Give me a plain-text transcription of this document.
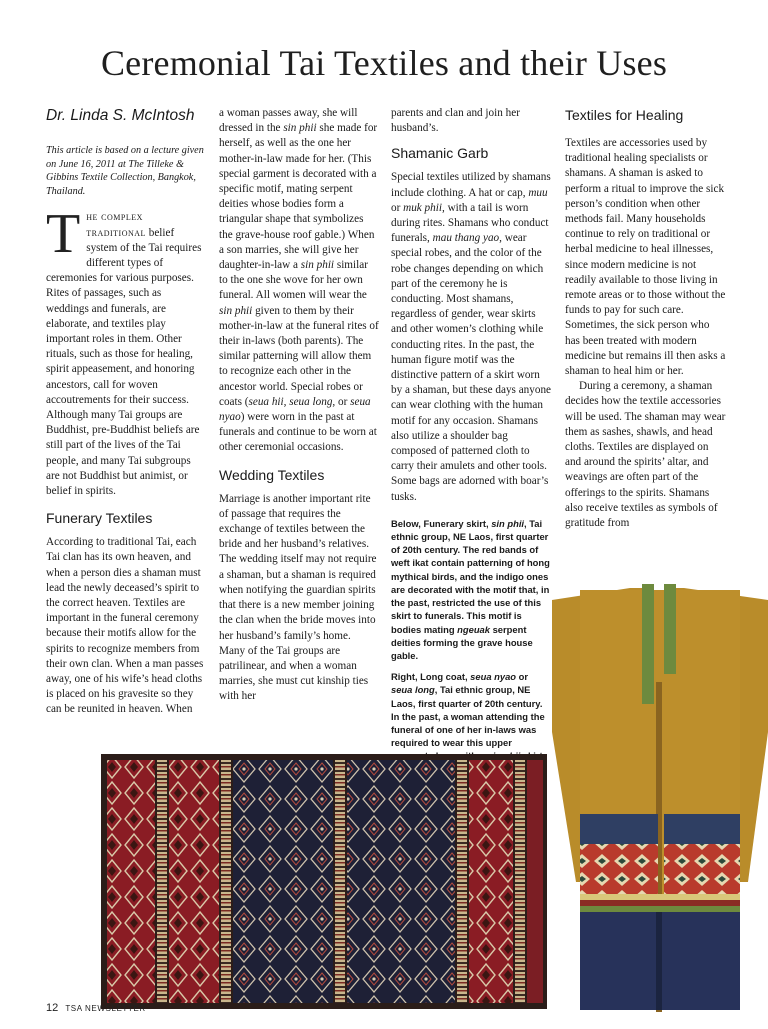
Ceremonial Tai Textiles and their Uses

Dr. Linda S. McIntosh

This article is based on a lecture given on June 16, 2011 at The Tilleke & Gibbins Textile Collection, Bangkok, Thailand.

The complex traditional belief system of the Tai requires different types of ceremonies for various purposes. Rites of passages, such as weddings and funerals, are elaborate, and textiles play important roles in them. Other rituals, such as those for healing, spirit appeasement, and honoring ancestors, call for woven accoutrements for their success. Although many Tai groups are Buddhist, pre-Buddhist beliefs are still part of the lives of the Tai people, and many Tai subgroups are not Buddhist but animist, or belief in spirits.

Funerary Textiles

According to traditional Tai, each Tai clan has its own heaven, and when a person dies a shaman must lead the newly deceased’s spirit to the correct heaven. Textiles are important in the funeral ceremony because their motifs allow for the spirits to recognize members from their own clan. When a man passes away, one of his wife’s head cloths is placed on his gravesite so they can be reunited in heaven. When

a woman passes away, she will dressed in the sin phii she made for herself, as well as the one her mother-in-law made for her. (This special garment is decorated with a specific motif, mating serpent deities whose bodies form a triangular shape that symbolizes the grave-house roof gable.) When a son marries, she will give her daughter-in-law a sin phii similar to the one she wove for her own funeral. All women will wear the sin phii given to them by their mother-in-law at the funeral rites of their in-laws (both parents). The similar patterning will allow them to recognize each other in the ancestor world. Special robes or coats (seua hii, seua long, or seua nyao) were worn in the past at funerals and continue to be worn at other ceremonial occasions.

Wedding Textiles

Marriage is another important rite of passage that requires the exchange of textiles between the bride and her husband’s relatives. The wedding itself may not require a shaman, but a shaman is required when notifying the guardian spirits that there is a new member joining the clan when the bride moves into her husband’s family’s home. Many of the Tai groups are patrilinear, and when a woman marries, she must cut kinship ties with her

parents and clan and join her husband’s.

Shamanic Garb

Special textiles utilized by shamans include clothing. A hat or cap, muu or muk phii, with a tail is worn during rites. Shamans who conduct funerals, mau thang yao, wear special robes, and the color of the robe changes depending on which part of the ceremony he is conducting. Most shamans, regardless of gender, wear skirts and other women’s clothing while conducting rites. In the past, the human figure motif was the distinctive pattern of a skirt worn by a shaman, but these days anyone can wear clothing with the human motif for any occasion. Shamans also utilize a shoulder bag composed of patterned cloth to carry their amulets and other tools. Some bags are adorned with boar’s tusks.

Below, Funerary skirt, sin phii, Tai ethnic group, NE Laos, first quarter of 20th century. The red bands of weft ikat contain patterning of hong mythical birds, and the indigo ones are decorated with the motif that, in the past, restricted the use of this skirt to funerals. This motif is bodies mating ngeuak serpent deities forming the grave house gable.

Right, Long coat, seua nyao or seua long, Tai ethnic group, NE Laos, first quarter of 20th century. In the past, a woman attending the funeral of one of her in-laws was required to wear this upper

Textiles for Healing

Textiles are accessories used by traditional healing specialists or shamans. A shaman is asked to perform a ritual to improve the sick person’s condition when other methods fail. Many households continue to rely on traditional or herbal medicine to heal illnesses, since modern medicine is not readily available to those living in remote areas or to those without the funds to pay for such care. Sometimes, the sick person who has been treated with modern medicine but remains ill then asks a shaman to heal him or her.

During a ceremony, a shaman decides how the textile accessories will be used. The shaman may wear them as sashes, shawls, and head cloths. Textiles are displayed on and around the spirits’ altar, and weavings are often part of the offerings to the spirits. Shamans also receive textiles as symbols of gratitude from

12 TSA NEWSLETTER
